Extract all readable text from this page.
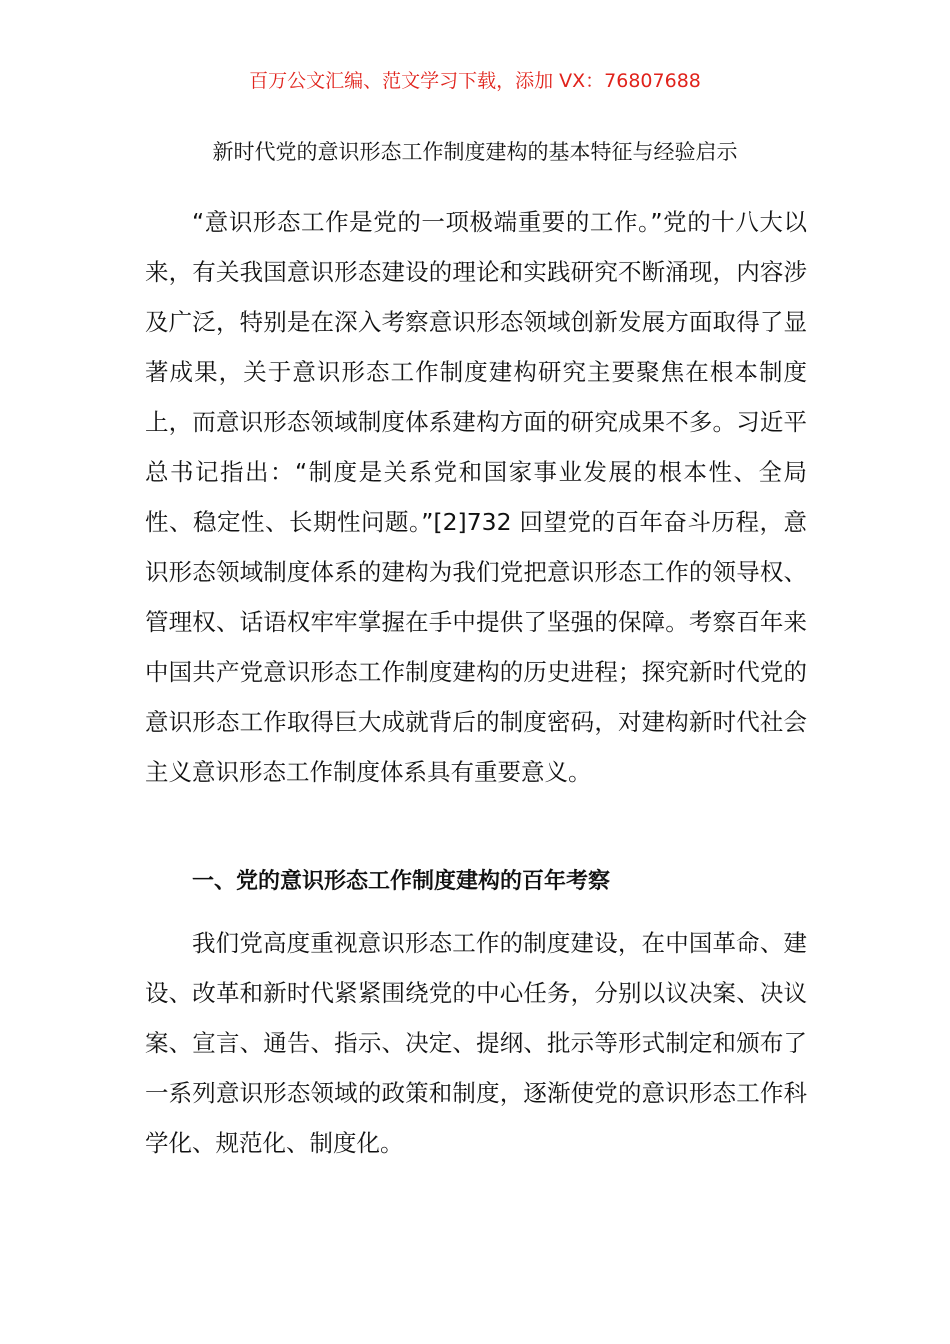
百万公文汇编、范文学习下载，添加 VX：76807688
新时代党的意识形态工作制度建构的基本特征与经验启示

“意识形态工作是党的一项极端重要的工作。”党的十八大以来，有关我国意识形态建设的理论和实践研究不断涌现，内容涉及广泛，特别是在深入考察意识形态领域创新发展方面取得了显著成果，关于意识形态工作制度建构研究主要聚焦在根本制度上，而意识形态领域制度体系建构方面的研究成果不多。习近平总书记指出：“制度是关系党和国家事业发展的根本性、全局性、稳定性、长期性问题。”[2]732 回望党的百年奋斗历程，意识形态领域制度体系的建构为我们党把意识形态工作的领导权、管理权、话语权牢牢掌握在手中提供了坚强的保障。考察百年来中国共产党意识形态工作制度建构的历史进程；探究新时代党的意识形态工作取得巨大成就背后的制度密码，对建构新时代社会主义意识形态工作制度体系具有重要意义。

一、党的意识形态工作制度建构的百年考察

我们党高度重视意识形态工作的制度建设，在中国革命、建设、改革和新时代紧紧围绕党的中心任务，分别以议决案、决议案、宣言、通告、指示、决定、提纲、批示等形式制定和颁布了一系列意识形态领域的政策和制度，逐渐使党的意识形态工作科学化、规范化、制度化。
